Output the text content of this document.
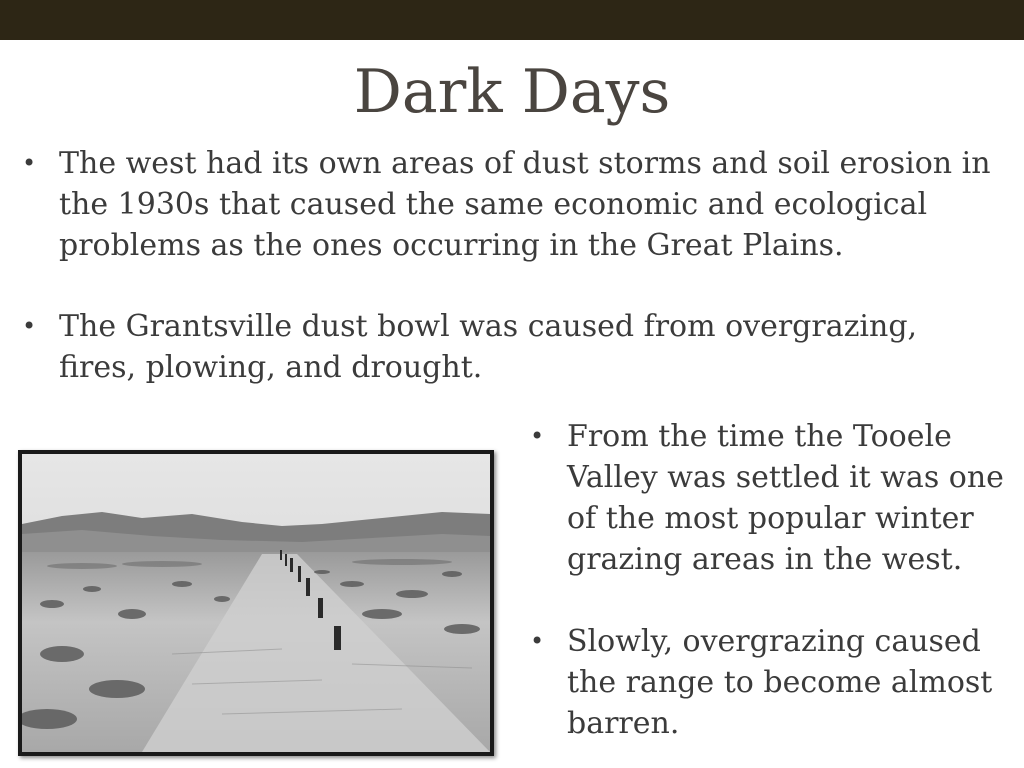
Dark Days
• The west had its own areas of dust storms and soil erosion in the 1930s that caused the same economic and ecological problems as the ones occurring in the Great Plains.
• The Grantsville dust bowl was caused from overgrazing, fires, plowing, and drought.
• From the time the Tooele Valley was settled it was one of the most popular winter grazing areas in the west.
• Slowly, overgrazing caused the range to become almost barren.
